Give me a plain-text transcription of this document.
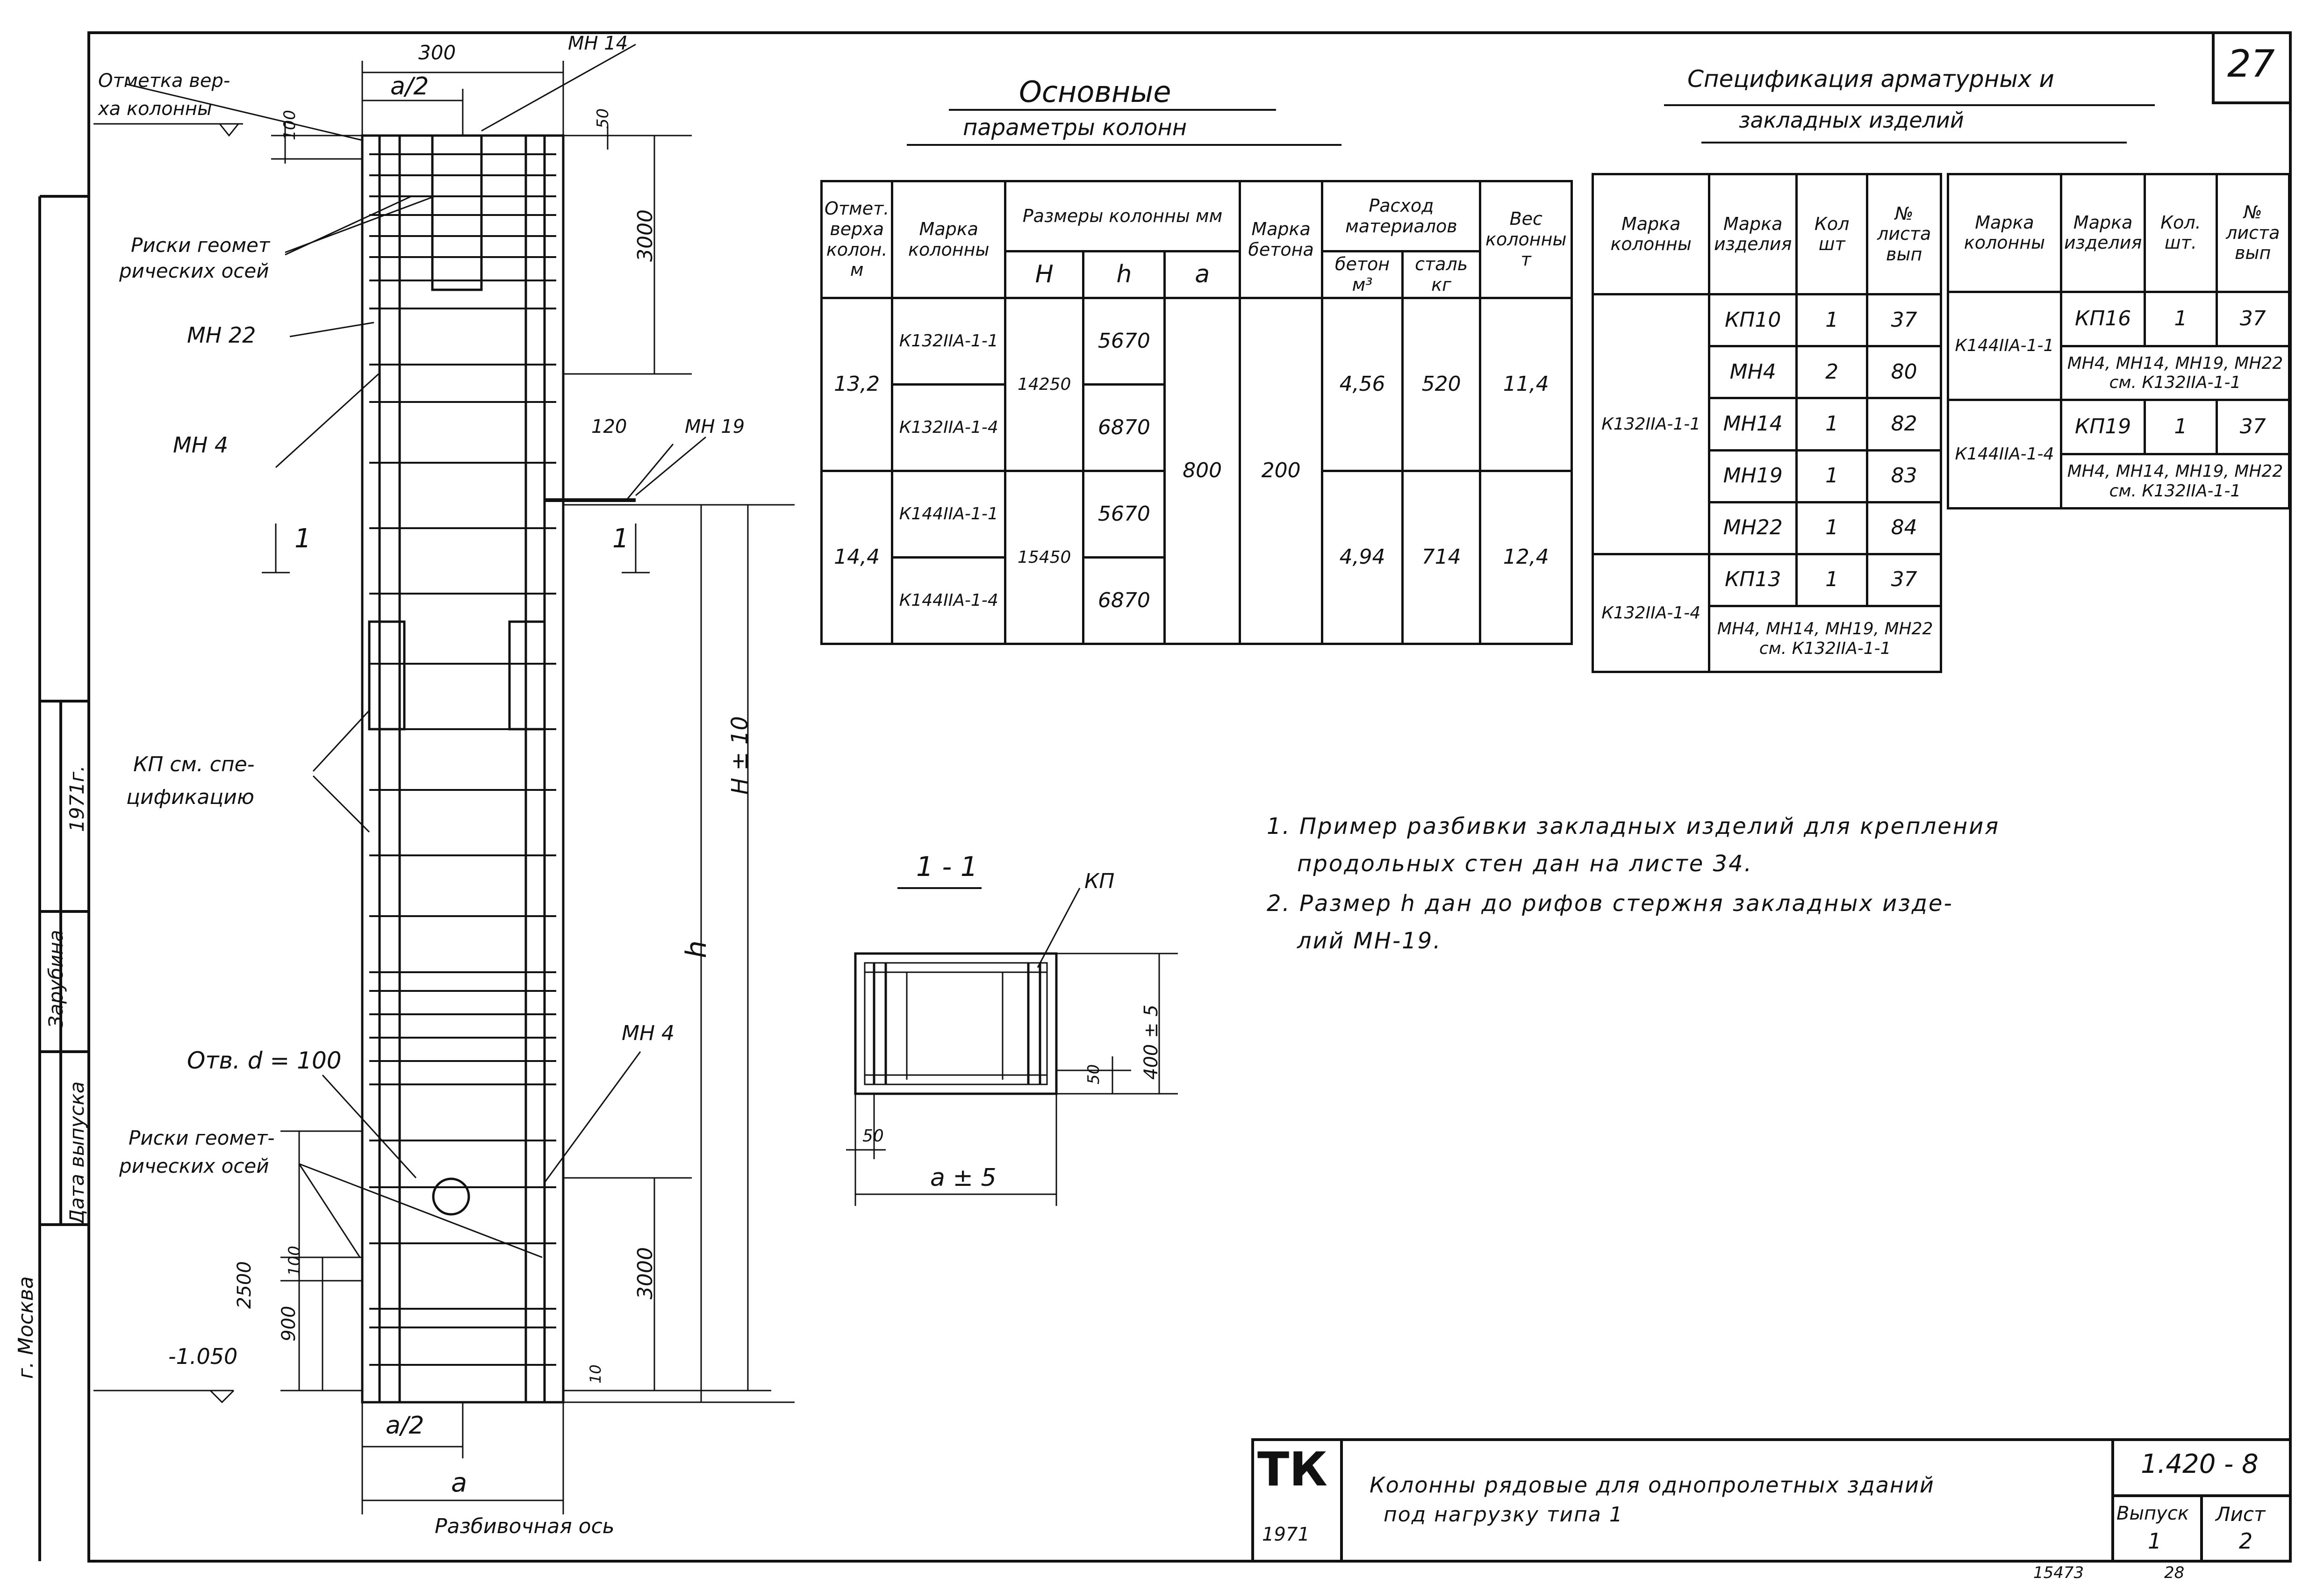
27
г. Москва
Дата выпуска
Зарубина
1971г.
Отметка вер-
ха колонны
300
a/2
100	50
3000
МН 14
Риски геомет
рических осей
МН 22
МН 4
120	МН 19
1	1
КП см. спе-
цификацию
H ± 10
h
Отв. d = 100
МН 4
Риски геомет-
рических осей
2500
100
900
3000
-1.050
10
a/2
a
Разбивочная ось
1 - 1	КП
400 ± 5
50
50
a ± 5
Основные
параметры колонн
Отмет. верха колон. м	Марка колонны	Размеры колонны мм			Марка бетона	Расход материалов		Вес колонны т
		H	h	a		бетон м³	сталь кг	
13,2	К132IIА-1-1	14250	5670	800	200	4,56	520	11,4
	К132IIА-1-4		6870					
14,4	К144IIА-1-1	15450	5670			4,94	714	12,4
	К144IIА-1-4		6870					
Спецификация арматурных и
закладных изделий
Марка колонны	Марка изделия	Кол шт	№ листа вып
К132IIА-1-1	КП10	1	37
	МН4	2	80
	МН14	1	82
	МН19	1	83
	МН22	1	84
К132IIА-1-4	КП13	1	37
	МН4, МН14, МН19, МН22 см. К132IIА-1-1		
Марка колонны	Марка изделия	Кол. шт.	№ листа вып
К144IIА-1-1	КП16	1	37
	МН4, МН14, МН19, МН22 см. К132IIА-1-1		
К144IIА-1-4	КП19	1	37
	МН4, МН14, МН19, МН22 см. К132IIА-1-1		
1. Пример разбивки закладных изделий для крепления
продольных стен дан на листе 34.
2. Размер h дан до рифов стержня закладных изде-
лий МН-19.
ТК
1971
Колонны рядовые для однопролетных зданий
под нагрузку типа 1
1.420 - 8
Выпуск
1
Лист
2
15473	28
